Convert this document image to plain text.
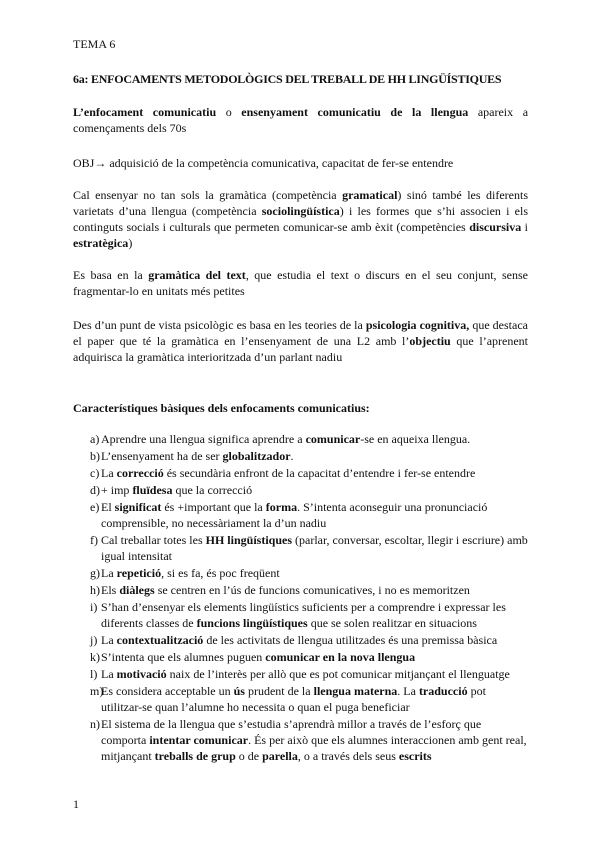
TEMA 6
6a: ENFOCAMENTS METODOLÒGICS DEL TREBALL DE HH LINGÜÍSTIQUES

L’enfocament comunicatiu o ensenyament comunicatiu de la llengua apareix a començaments dels 70s

OBJ→ adquisició de la competència comunicativa, capacitat de fer-se entendre

Cal ensenyar no tan sols la gramàtica (competència gramatical) sinó també les diferents varietats d’una llengua (competència sociolingüística) i les formes que s’hi associen i els continguts socials i culturals que permeten comunicar-se amb èxit (competències discursiva i estratègica)

Es basa en la gramàtica del text, que estudia el text o discurs en el seu conjunt, sense fragmentar-lo en unitats més petites

Des d’un punt de vista psicològic es basa en les teories de la psicologia cognitiva, que destaca el paper que té la gramàtica en l’ensenyament de una L2 amb l’objectiu que l’aprenent adquirisca la gramàtica interioritzada d’un parlant nadiu

Característiques bàsiques dels enfocaments comunicatius:
a) Aprendre una llengua significa aprendre a comunicar-se en aqueixa llengua.
b) L’ensenyament ha de ser globalitzador.
c) La correcció és secundària enfront de la capacitat d’entendre i fer-se entendre
d) + imp fluïdesa que la correcció
e) El significat és +important que la forma. S’intenta aconseguir una pronunciació comprensible, no necessàriament la d’un nadiu
f) Cal treballar totes les HH lingüístiques (parlar, conversar, escoltar, llegir i escriure) amb igual intensitat
g) La repetició, si es fa, és poc freqüent
h) Els diàlegs se centren en l’ús de funcions comunicatives, i no es memoritzen
i) S’han d’ensenyar els elements lingüístics suficients per a comprendre i expressar les diferents classes de funcions lingüístiques que se solen realitzar en situacions
j) La contextualització de les activitats de llengua utilitzades és una premissa bàsica
k) S’intenta que els alumnes puguen comunicar en la nova llengua
l) La motivació naix de l’interès per allò que es pot comunicar mitjançant el llenguatge
m)
Es considera acceptable un ús prudent de la llengua materna. La traducció pot utilitzar-se quan l’alumne ho necessita o quan el puga beneficiar
n) El sistema de la llengua que s’estudia s’aprendrà millor a través de l’esforç que comporta intentar comunicar. És per això que els alumnes interaccionen amb gent real, mitjançant treballs de grup o de parella, o a través dels seus escrits
1
